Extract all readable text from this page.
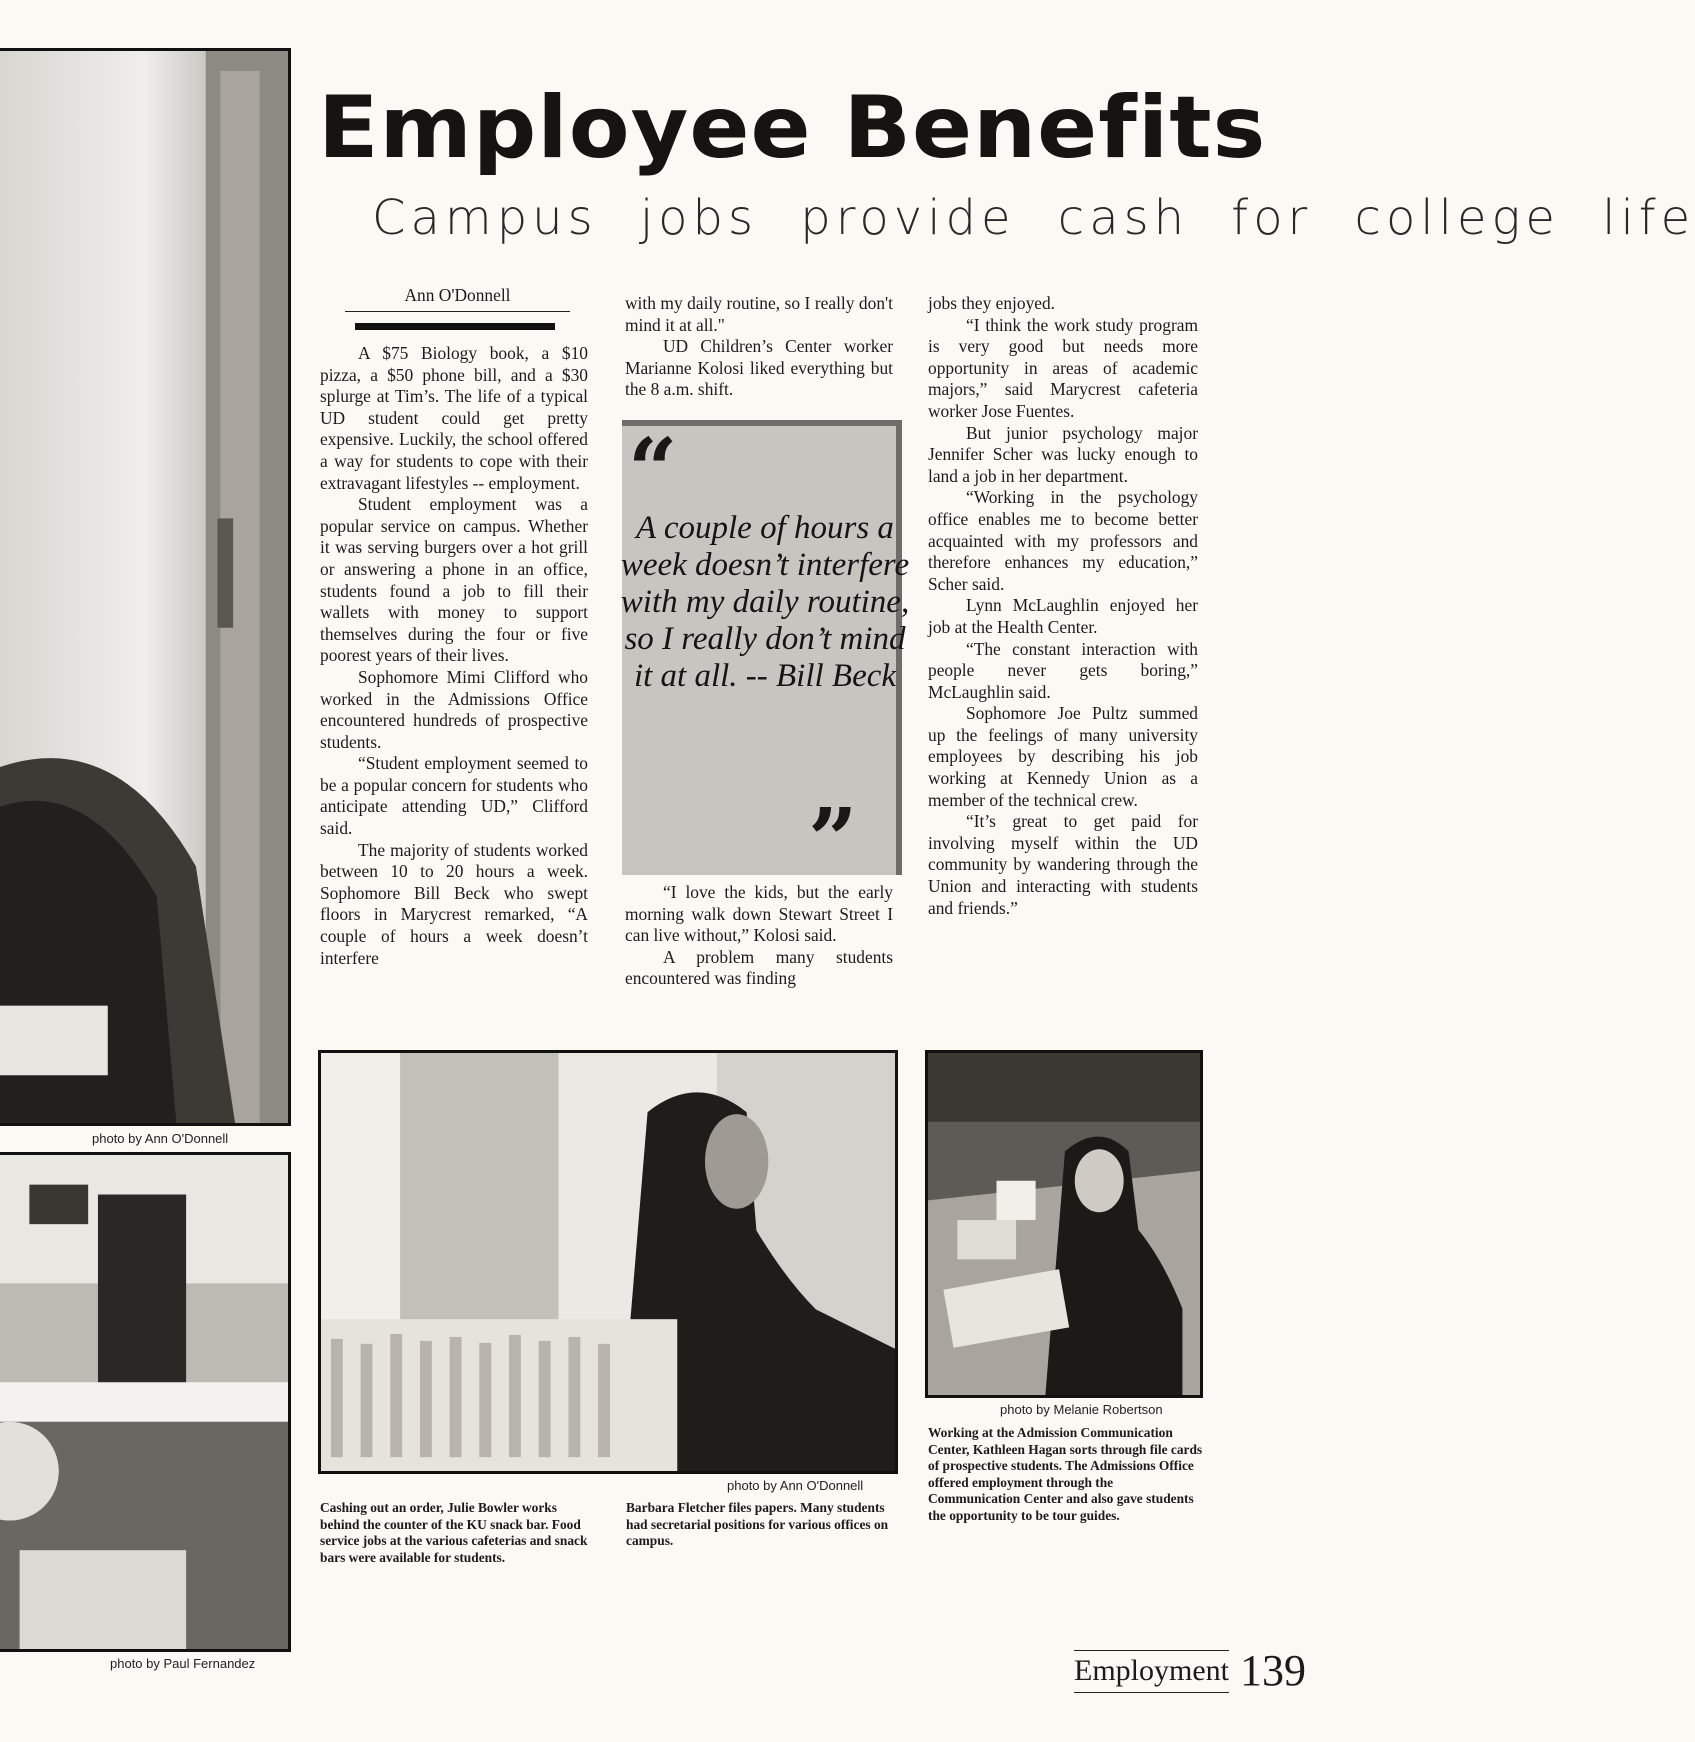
photo by Ann O'Donnell
photo by Paul Fernandez
Employee Benefits
Campus jobs provide cash for college life
Ann O'Donnell

A $75 Biology book, a $10 pizza, a $50 phone bill, and a $30 splurge at Tim’s. The life of a typical UD student could get pretty expensive. Luckily, the school offered a way for students to cope with their extravagant lifestyles -- employment.

Student employment was a popular service on campus. Whether it was serving burgers over a hot grill or answering a phone in an office, students found a job to fill their wallets with money to support themselves during the four or five poorest years of their lives.

Sophomore Mimi Clifford who worked in the Admissions Office encountered hundreds of prospective students.

“Student employment seemed to be a popular concern for students who anticipate attending UD,” Clifford said.

The majority of students worked between 10 to 20 hours a week. Sophomore Bill Beck who swept floors in Marycrest remarked, “A couple of hours a week doesn’t interfere

with my daily routine, so I really don't mind it at all."

UD Children’s Center worker Marianne Kolosi liked everything but the 8 a.m. shift.

“
A couple of hours a week doesn’t interfere with my daily routine, so I really don’t mind it at all. -- Bill Beck
”

“I love the kids, but the early morning walk down Stewart Street I can live without,” Kolosi said.

A problem many students encountered was finding

jobs they enjoyed.

“I think the work study program is very good but needs more opportunity in areas of academic majors,” said Marycrest cafeteria worker Jose Fuentes.

But junior psychology major Jennifer Scher was lucky enough to land a job in her department.

“Working in the psychology office enables me to become better acquainted with my professors and therefore enhances my education,” Scher said.

Lynn McLaughlin enjoyed her job at the Health Center.

“The constant interaction with people never gets boring,” McLaughlin said.

Sophomore Joe Pultz summed up the feelings of many university employees by describing his job working at Kennedy Union as a member of the technical crew.

“It’s great to get paid for involving myself within the UD community by wandering through the Union and interacting with students and friends.”

photo by Ann O'Donnell
photo by Melanie Robertson
Cashing out an order, Julie Bowler works behind the counter of the KU snack bar. Food service jobs at the various cafeterias and snack bars were available for students.
Barbara Fletcher files papers. Many students had secretarial positions for various offices on campus.
Working at the Admission Communication Center, Kathleen Hagan sorts through file cards of prospective students. The Admissions Office offered employment through the Communication Center and also gave students the opportunity to be tour guides.
Employment 139
